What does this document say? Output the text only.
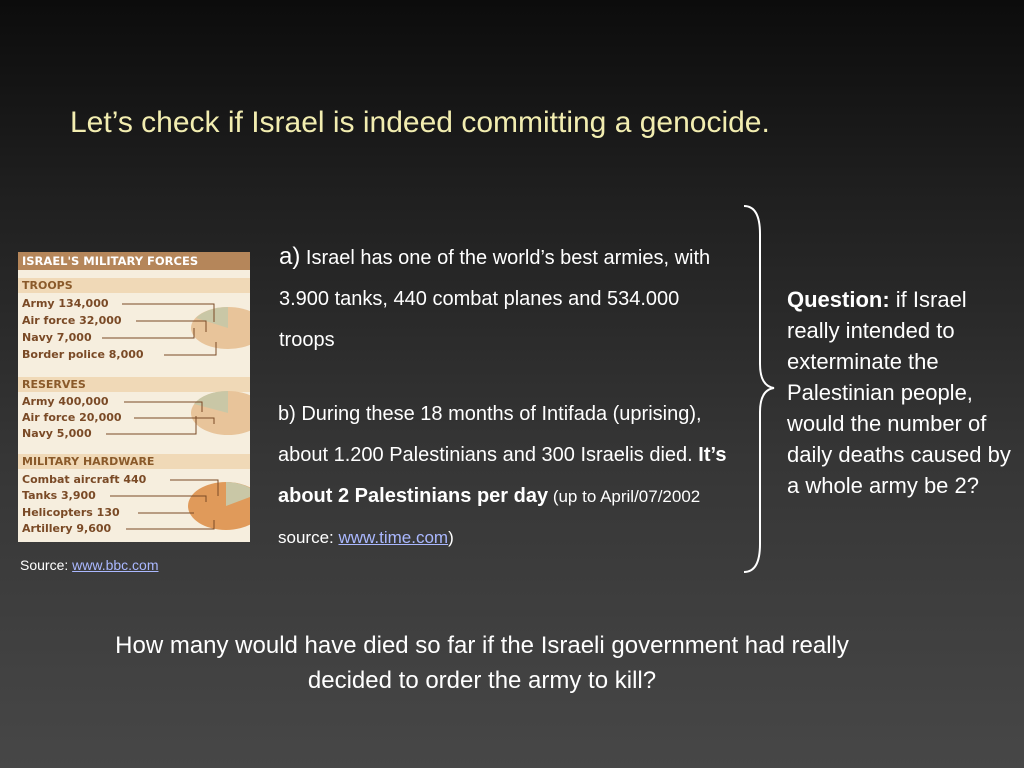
Let’s check if Israel is indeed committing a genocide.
ISRAEL'S MILITARY FORCES
TROOPS
Army 134,000
Air force 32,000
Navy 7,000
Border police 8,000
RESERVES
Army 400,000
Air force 20,000
Navy 5,000
MILITARY HARDWARE
Combat aircraft 440
Tanks 3,900
Helicopters 130
Artillery 9,600
Source: www.bbc.com
a) Israel has one of the world’s best armies, with 3.900 tanks, 440 combat planes and 534.000 troops
b) During these 18 months of Intifada (uprising), about 1.200 Palestinians and 300 Israelis died. It’s about 2 Palestinians per day (up to April/07/2002 source: www.time.com)
Question: if Israel really intended to exterminate the Palestinian people, would the number of daily deaths caused by a whole army be 2?
How many would have died so far if the Israeli government had really decided to order the army to kill?
